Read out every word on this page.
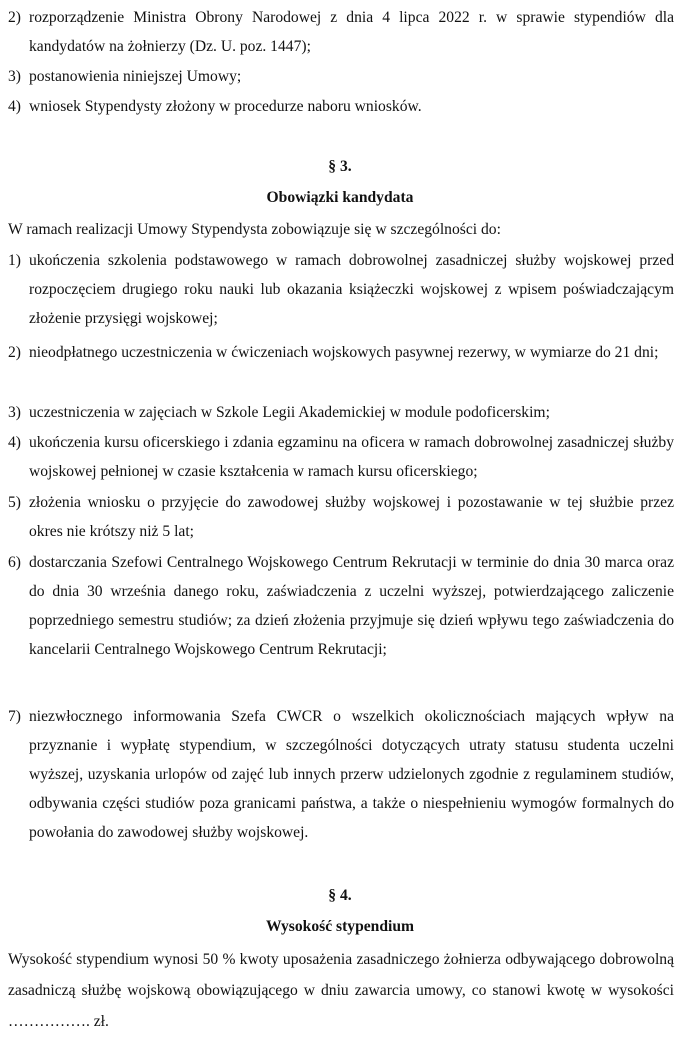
2) rozporządzenie Ministra Obrony Narodowej z dnia 4 lipca 2022 r. w sprawie stypendiów dla kandydatów na żołnierzy (Dz. U. poz. 1447);
3) postanowienia niniejszej Umowy;
4) wniosek Stypendysty złożony w procedurze naboru wniosków.
§ 3.
Obowiązki kandydata
W ramach realizacji Umowy Stypendysta zobowiązuje się w szczególności do:
1) ukończenia szkolenia podstawowego w ramach dobrowolnej zasadniczej służby wojskowej przed rozpoczęciem drugiego roku nauki lub okazania książeczki wojskowej z wpisem poświadczającym złożenie przysięgi wojskowej;
2) nieodpłatnego uczestniczenia w ćwiczeniach wojskowych pasywnej rezerwy, w wymiarze do 21 dni;
3) uczestniczenia w zajęciach w Szkole Legii Akademickiej w module podoficerskim;
4) ukończenia kursu oficerskiego i zdania egzaminu na oficera w ramach dobrowolnej zasadniczej służby wojskowej pełnionej w czasie kształcenia w ramach kursu oficerskiego;
5) złożenia wniosku o przyjęcie do zawodowej służby wojskowej i pozostawanie w tej służbie przez okres nie krótszy niż 5 lat;
6) dostarczania Szefowi Centralnego Wojskowego Centrum Rekrutacji w terminie do dnia 30 marca oraz do dnia 30 września danego roku, zaświadczenia z uczelni wyższej, potwierdzającego zaliczenie poprzedniego semestru studiów; za dzień złożenia przyjmuje się dzień wpływu tego zaświadczenia do kancelarii Centralnego Wojskowego Centrum Rekrutacji;
7) niezwłocznego informowania Szefa CWCR o wszelkich okolicznościach mających wpływ na przyznanie i wypłatę stypendium, w szczególności dotyczących utraty statusu studenta uczelni wyższej, uzyskania urlopów od zajęć lub innych przerw udzielonych zgodnie z regulaminem studiów, odbywania części studiów poza granicami państwa, a także o niespełnieniu wymogów formalnych do powołania do zawodowej służby wojskowej.
§ 4.
Wysokość stypendium
Wysokość stypendium wynosi 50 % kwoty uposażenia zasadniczego żołnierza odbywającego dobrowolną zasadniczą służbę wojskową obowiązującego w dniu zawarcia umowy, co stanowi kwotę w wysokości ……………. zł.
